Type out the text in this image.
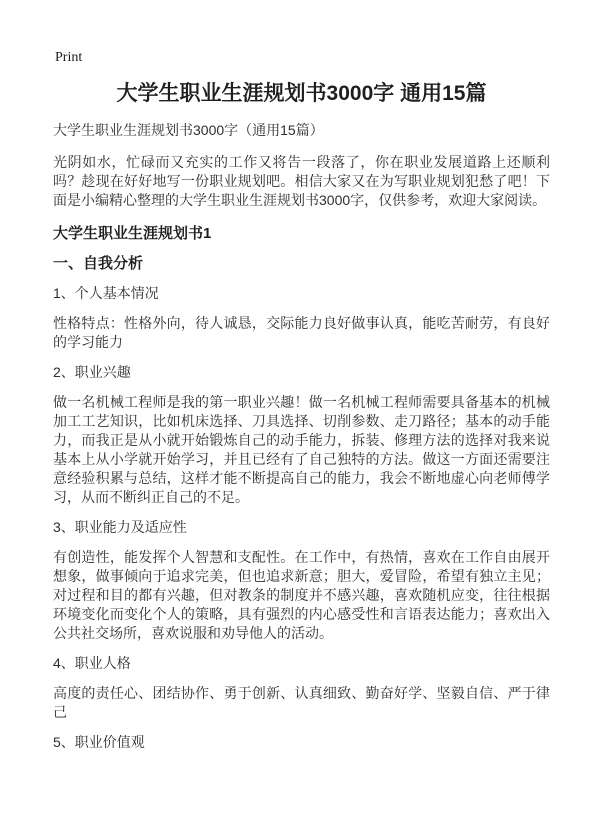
Print
大学生职业生涯规划书3000字 通用15篇
大学生职业生涯规划书3000字（通用15篇）

光阴如水，忙碌而又充实的工作又将告一段落了，你在职业发展道路上还顺利吗？趁现在好好地写一份职业规划吧。相信大家又在为写职业规划犯愁了吧！下面是小编精心整理的大学生职业生涯规划书3000字，仅供参考，欢迎大家阅读。

大学生职业生涯规划书1
一、自我分析
1、个人基本情况

性格特点：性格外向，待人诚恳，交际能力良好做事认真，能吃苦耐劳，有良好的学习能力

2、职业兴趣

做一名机械工程师是我的第一职业兴趣！做一名机械工程师需要具备基本的机械加工工艺知识，比如机床选择、刀具选择、切削参数、走刀路径；基本的动手能力，而我正是从小就开始锻炼自己的动手能力，拆装、修理方法的选择对我来说基本上从小学就开始学习，并且已经有了自己独特的方法。做这一方面还需要注意经验积累与总结，这样才能不断提高自己的能力，我会不断地虚心向老师傅学习，从而不断纠正自己的不足。

3、职业能力及适应性

有创造性，能发挥个人智慧和支配性。在工作中，有热情，喜欢在工作自由展开想象，做事倾向于追求完美，但也追求新意；胆大，爱冒险，希望有独立主见；对过程和目的都有兴趣，但对教条的制度并不感兴趣，喜欢随机应变，往往根据环境变化而变化个人的策略，具有强烈的内心感受性和言语表达能力；喜欢出入公共社交场所，喜欢说服和劝导他人的活动。

4、职业人格

高度的责任心、团结协作、勇于创新、认真细致、勤奋好学、坚毅自信、严于律己

5、职业价值观
